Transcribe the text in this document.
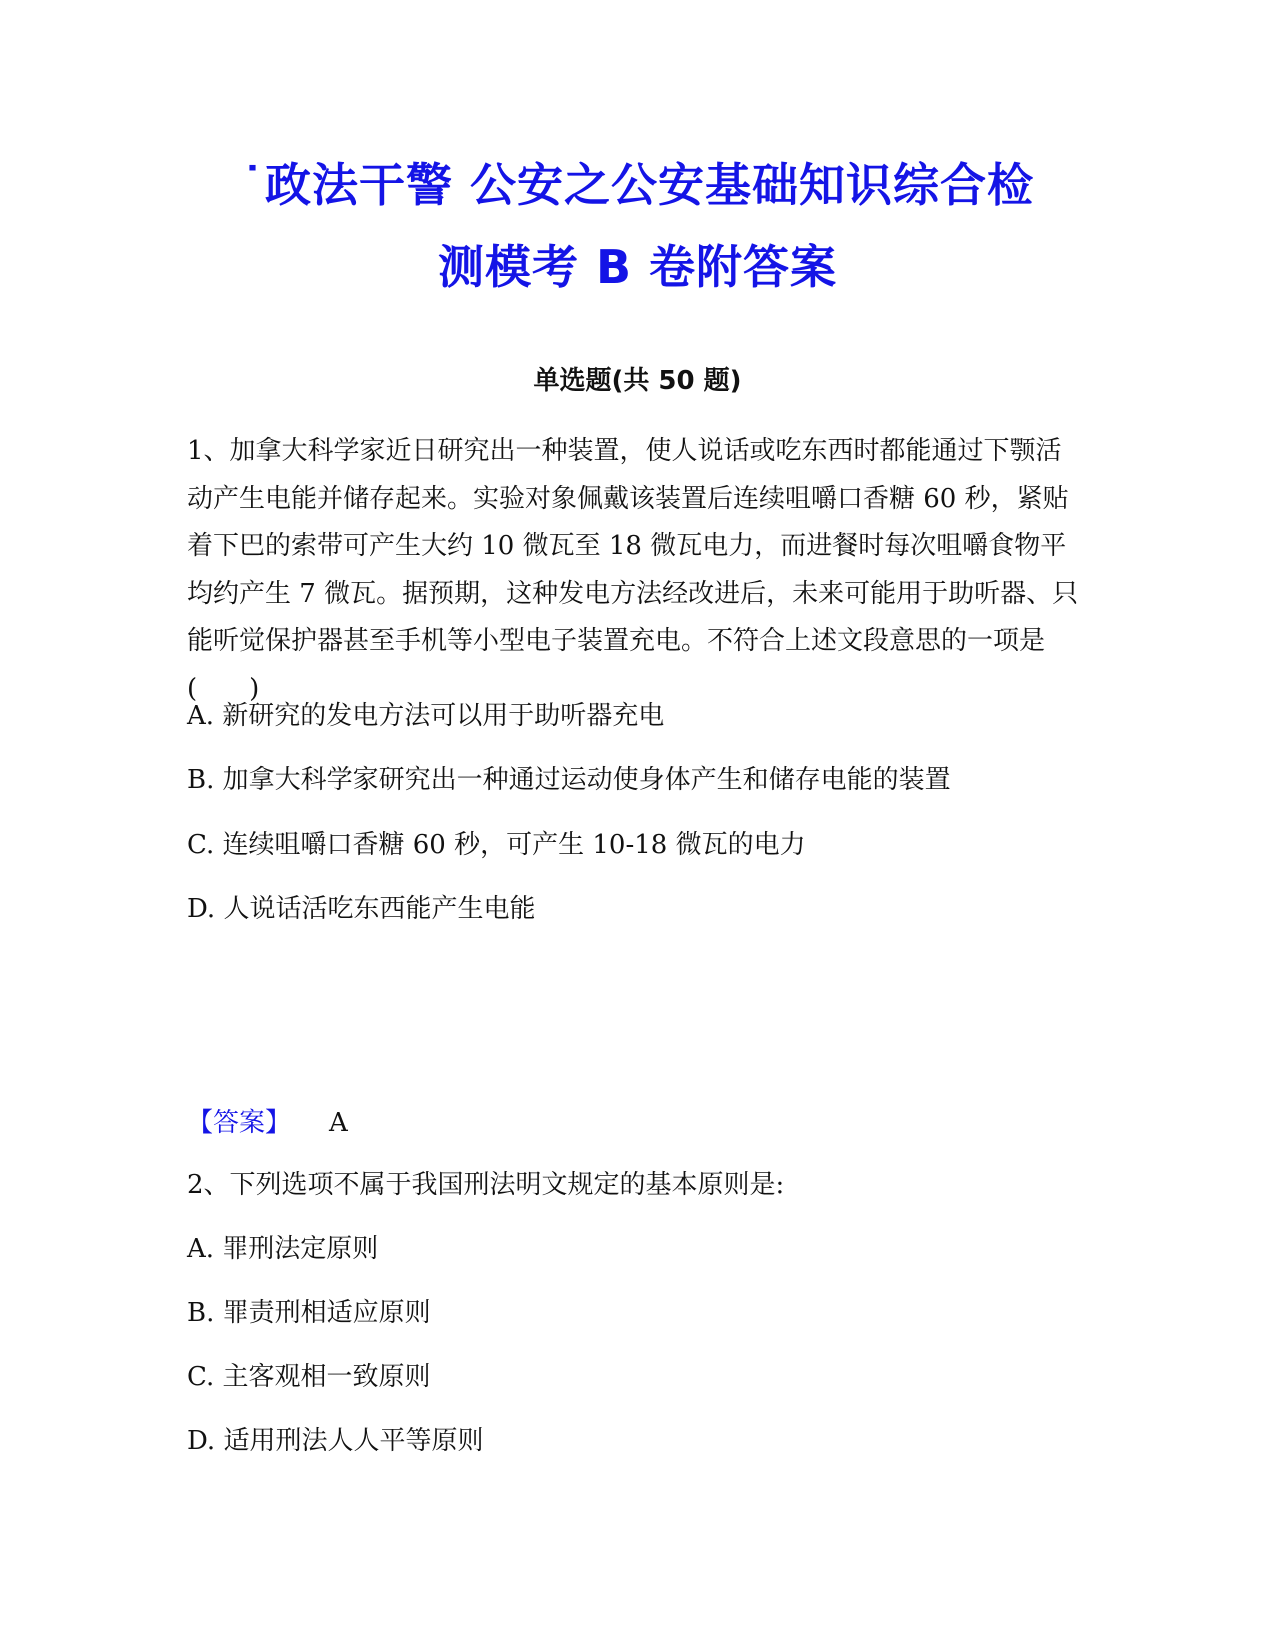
˙政法干警 公安之公安基础知识综合检
测模考 B 卷附答案
单选题(共 50 题)

1、加拿大科学家近日研究出一种装置，使人说话或吃东西时都能通过下颚活动产生电能并储存起来。实验对象佩戴该装置后连续咀嚼口香糖 60 秒，紧贴着下巴的索带可产生大约 10 微瓦至 18 微瓦电力，而进餐时每次咀嚼食物平均约产生 7 微瓦。据预期，这种发电方法经改进后，未来可能用于助听器、只能听觉保护器甚至手机等小型电子装置充电。不符合上述文段意思的一项是(　　)

A. 新研究的发电方法可以用于助听器充电
B. 加拿大科学家研究出一种通过运动使身体产生和储存电能的装置
C. 连续咀嚼口香糖 60 秒，可产生 10-18 微瓦的电力
D. 人说话活吃东西能产生电能
【答案】 A

2、下列选项不属于我国刑法明文规定的基本原则是:

A. 罪刑法定原则
B. 罪责刑相适应原则
C. 主客观相一致原则
D. 适用刑法人人平等原则
